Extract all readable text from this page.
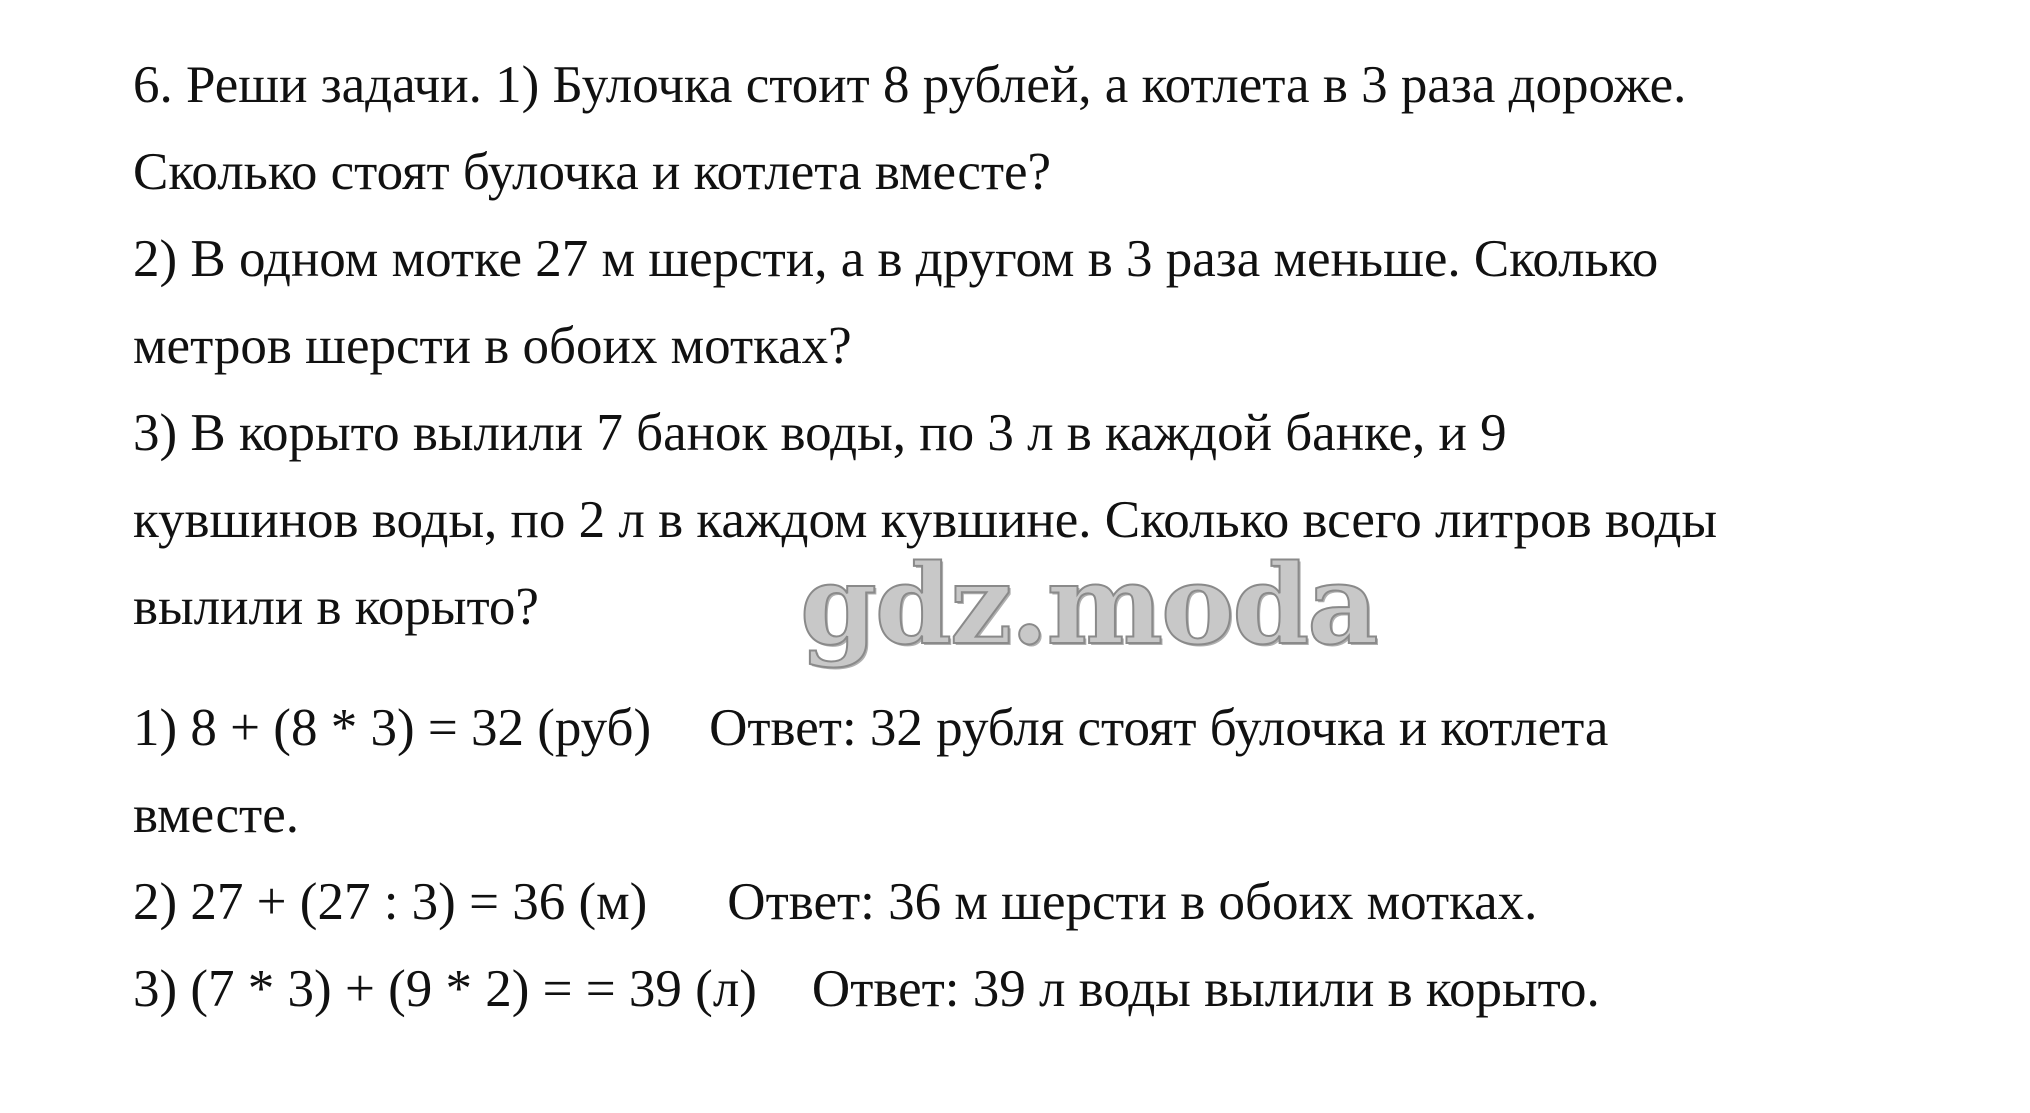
6. Реши задачи. 1) Булочка стоит 8 рублей, а котлета в 3 раза дороже.
Сколько стоят булочка и котлета вместе?
2) В одном мотке 27 м шерсти, а в другом в 3 раза меньше. Сколько
метров шерсти в обоих мотках?
3) В корыто вылили 7 банок воды, по 3 л в каждой банке, и 9
кувшинов воды, по 2 л в каждом кувшине. Сколько всего литров воды
вылили в корыто? gdz.moda
1) 8 + (8 * 3) = 32 (руб) Ответ: 32 рубля стоят булочка и котлета
вместе.
2) 27 + (27 : 3) = 36 (м) Ответ: 36 м шерсти в обоих мотках.
3) (7 * 3) + (9 * 2) = = 39 (л) Ответ: 39 л воды вылили в корыто.
